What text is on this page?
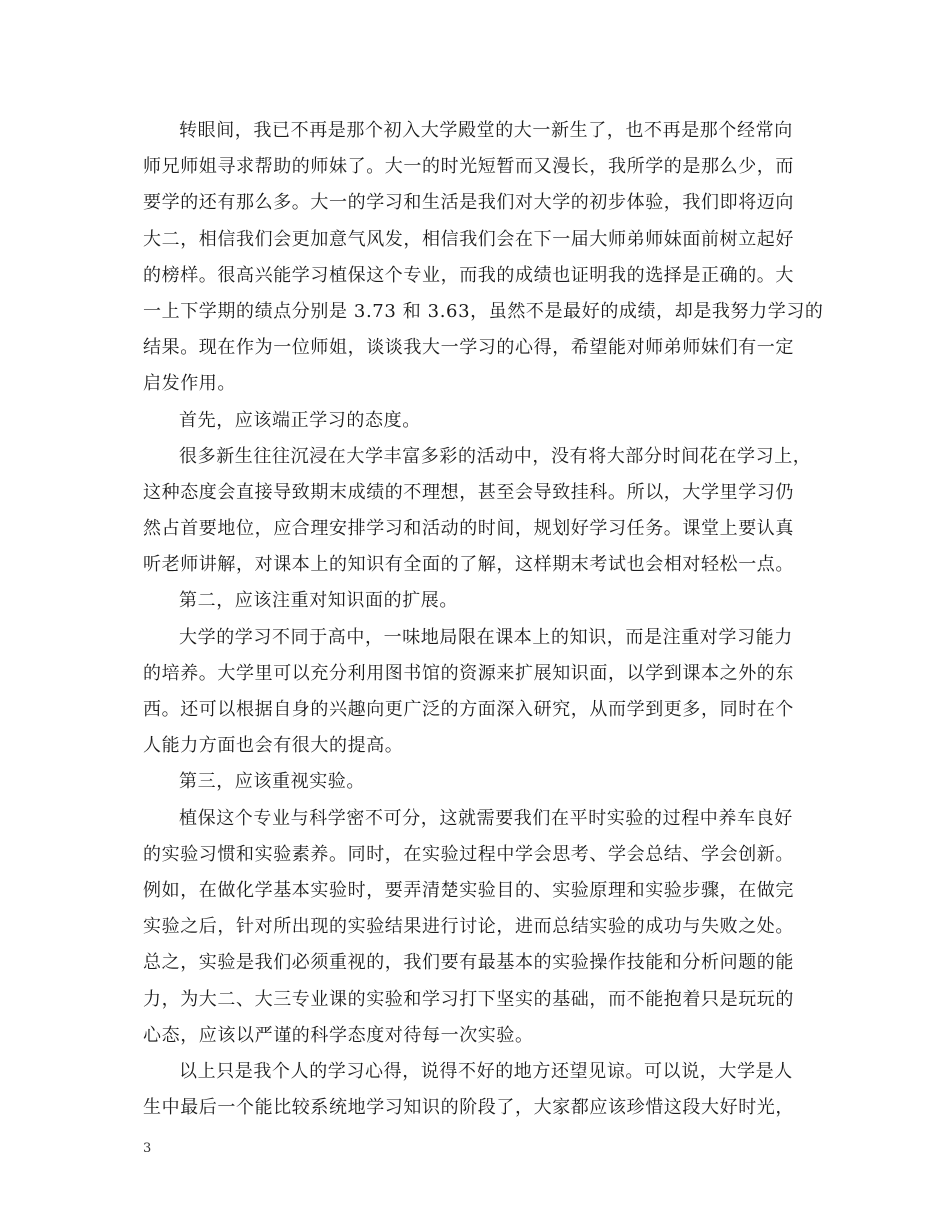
转眼间，我已不再是那个初入大学殿堂的大一新生了，也不再是那个经常向
师兄师姐寻求帮助的师妹了。大一的时光短暂而又漫长，我所学的是那么少，而
要学的还有那么多。大一的学习和生活是我们对大学的初步体验，我们即将迈向
大二，相信我们会更加意气风发，相信我们会在下一届大师弟师妹面前树立起好
的榜样。很高兴能学习植保这个专业，而我的成绩也证明我的选择是正确的。大
一上下学期的绩点分别是 3.73 和 3.63，虽然不是最好的成绩，却是我努力学习的
结果。现在作为一位师姐，谈谈我大一学习的心得，希望能对师弟师妹们有一定
启发作用。
首先，应该端正学习的态度。
很多新生往往沉浸在大学丰富多彩的活动中，没有将大部分时间花在学习上，
这种态度会直接导致期末成绩的不理想，甚至会导致挂科。所以，大学里学习仍
然占首要地位，应合理安排学习和活动的时间，规划好学习任务。课堂上要认真
听老师讲解，对课本上的知识有全面的了解，这样期末考试也会相对轻松一点。
第二，应该注重对知识面的扩展。
大学的学习不同于高中，一味地局限在课本上的知识，而是注重对学习能力
的培养。大学里可以充分利用图书馆的资源来扩展知识面，以学到课本之外的东
西。还可以根据自身的兴趣向更广泛的方面深入研究，从而学到更多，同时在个
人能力方面也会有很大的提高。
第三，应该重视实验。
植保这个专业与科学密不可分，这就需要我们在平时实验的过程中养车良好
的实验习惯和实验素养。同时，在实验过程中学会思考、学会总结、学会创新。
例如，在做化学基本实验时，要弄清楚实验目的、实验原理和实验步骤，在做完
实验之后，针对所出现的实验结果进行讨论，进而总结实验的成功与失败之处。
总之，实验是我们必须重视的，我们要有最基本的实验操作技能和分析问题的能
力，为大二、大三专业课的实验和学习打下坚实的基础，而不能抱着只是玩玩的
心态，应该以严谨的科学态度对待每一次实验。
以上只是我个人的学习心得，说得不好的地方还望见谅。可以说，大学是人
生中最后一个能比较系统地学习知识的阶段了，大家都应该珍惜这段大好时光，
3
